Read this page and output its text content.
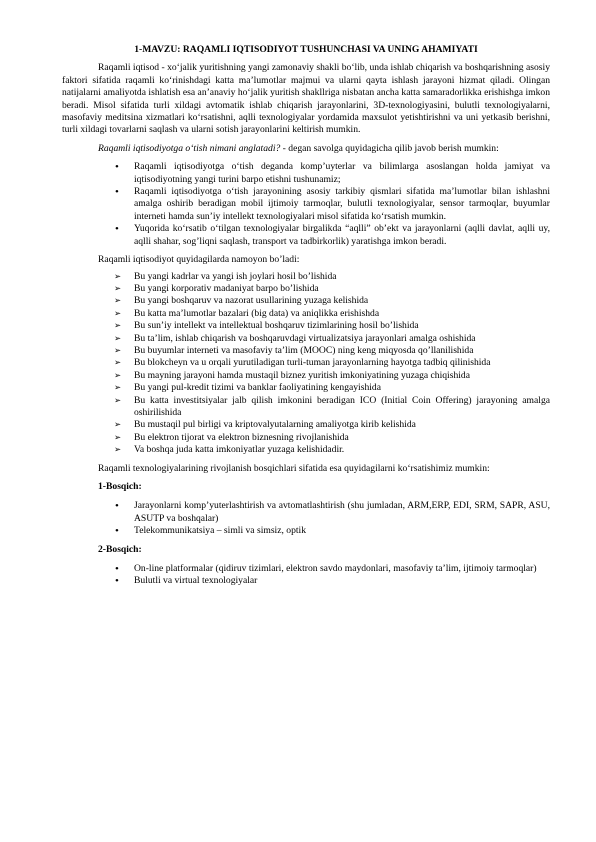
1-MAVZU: RAQAMLI IQTISODIYOT TUSHUNCHASI VA UNING AHAMIYATI

Raqamli iqtisod - xo‘jalik yuritishning yangi zamonaviy shakli bo‘lib, unda ishlab chiqarish va boshqarishning asosiy faktori sifatida raqamli ko‘rinishdagi katta ma’lumotlar majmui va ularni qayta ishlash jarayoni hizmat qiladi. Olingan natijalarni amaliyotda ishlatish esa an’anaviy ho‘jalik yuritish shakllriga nisbatan ancha katta samaradorlikka erishishga imkon beradi. Misol sifatida turli xildagi avtomatik ishlab chiqarish jarayonlarini, 3D-texnologiyasini, bulutli texnologiyalarni, masofaviy meditsina xizmatlari ko‘rsatishni, aqlli texnologiyalar yordamida maxsulot yetishtirishni va uni yetkasib berishni, turli xildagi tovarlarni saqlash va ularni sotish jarayonlarini keltirish mumkin.

Raqamli iqtisodiyotga o‘tish nimani anglatadi? - degan savolga quyidagicha qilib javob berish mumkin:

• Raqamli iqtisodiyotga o‘tish deganda komp’uyterlar va bilimlarga asoslangan holda jamiyat va iqtisodiyotning yangi turini barpo etishni tushunamiz;
• Raqamli iqtisodiyotga o‘tish jarayonining asosiy tarkibiy qismlari sifatida ma’lumotlar bilan ishlashni amalga oshirib beradigan mobil ijtimoiy tarmoqlar, bulutli texnologiyalar, sensor tarmoqlar, buyumlar interneti hamda sun’iy intellekt texnologiyalari misol sifatida ko‘rsatish mumkin.
• Yuqorida ko‘rsatib o‘tilgan texnologiyalar birgalikda “aqlli” ob’ekt va jarayonlarni (aqlli davlat, aqlli uy, aqlli shahar, sog’liqni saqlash, transport va tadbirkorlik) yaratishga imkon beradi.

Raqamli iqtisodiyot quyidagilarda namoyon bo’ladi:

➢ Bu yangi kadrlar va yangi ish joylari hosil bo’lishida
➢ Bu yangi korporativ madaniyat barpo bo’lishida
➢ Bu yangi boshqaruv va nazorat usullarining yuzaga kelishida
➢ Bu katta ma’lumotlar bazalari (big data) va aniqlikka erishishda
➢ Bu sun’iy intellekt va intellektual boshqaruv tizimlarining hosil bo’lishida
➢ Bu ta’lim, ishlab chiqarish va boshqaruvdagi virtualizatsiya jarayonlari amalga oshishida
➢ Bu buyumlar interneti va masofaviy ta’lim (MOOC) ning keng miqyosda qo’llanilishida
➢ Bu blokcheyn va u orqali yurutiladigan turli-tuman jarayonlarning hayotga tadbiq qilinishida
➢ Bu mayning jarayoni hamda mustaqil biznez yuritish imkoniyatining yuzaga chiqishida
➢ Bu yangi pul-kredit tizimi va banklar faoliyatining kengayishida
➢ Bu katta investitsiyalar jalb qilish imkonini beradigan ICO (Initial Coin Offering) jarayoning amalga oshirilishida
➢ Bu mustaqil pul birligi va kriptovalyutalarning amaliyotga kirib kelishida
➢ Bu elektron tijorat va elektron biznesning rivojlanishida
➢ Va boshqa juda katta imkoniyatlar yuzaga kelishidadir.

Raqamli texnologiyalarining rivojlanish bosqichlari sifatida esa quyidagilarni ko‘rsatishimiz mumkin:

1-Bosqich:

• Jarayonlarni komp’yuterlashtirish va avtomatlashtirish (shu jumladan, ARM,ERP, EDI, SRM, SAPR, ASU, ASUTP va boshqalar)
• Telekommunikatsiya – simli va simsiz, optik

2-Bosqich:

• On-line platformalar (qidiruv tizimlari, elektron savdo maydonlari, masofaviy ta’lim, ijtimoiy tarmoqlar)
• Bulutli va virtual texnologiyalar
